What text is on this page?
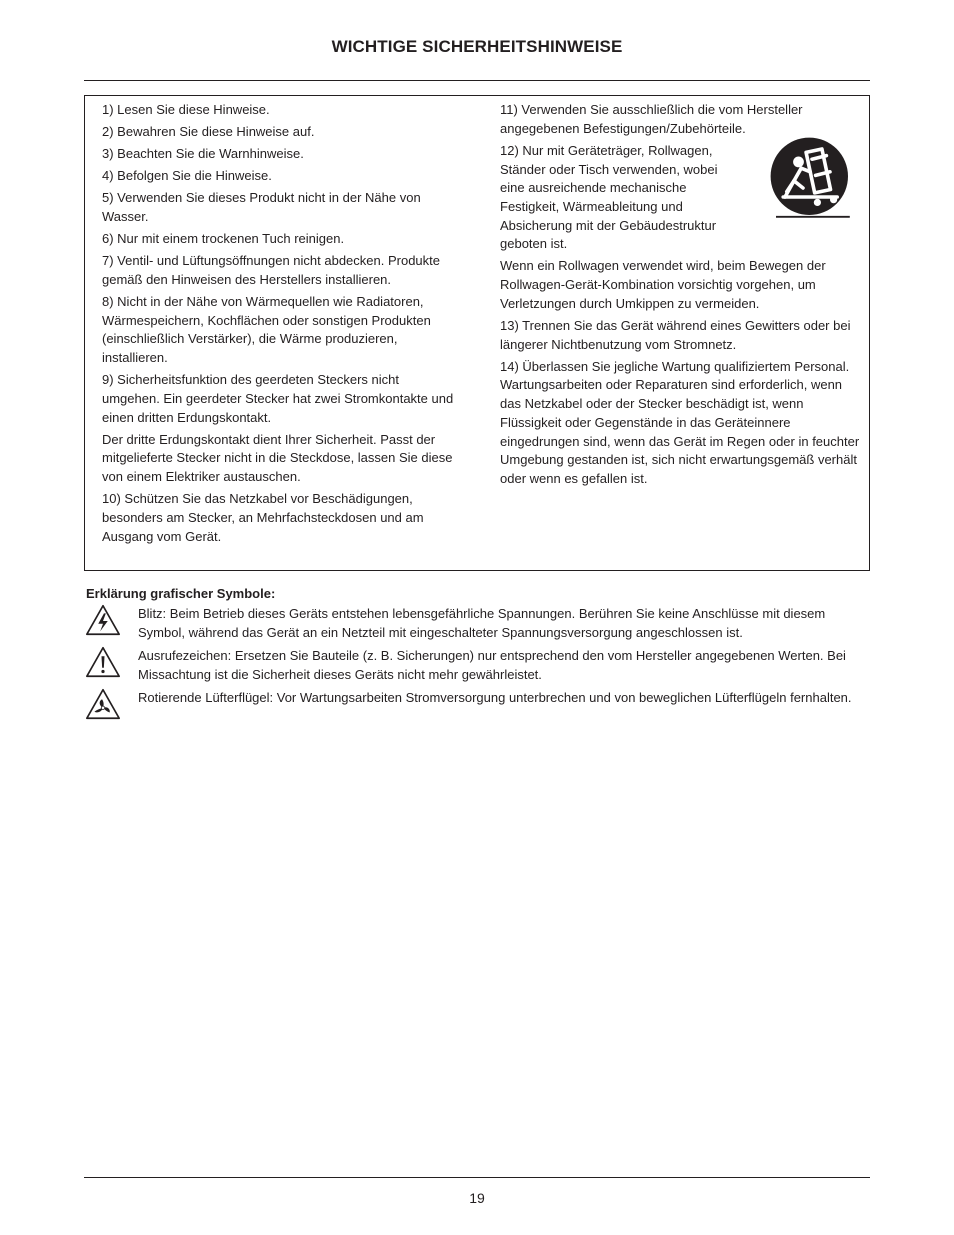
WICHTIGE SICHERHEITSHINWEISE

1) Lesen Sie diese Hinweise.

2) Bewahren Sie diese Hinweise auf.

3) Beachten Sie die Warnhinweise.

4) Befolgen Sie die Hinweise.

5) Verwenden Sie dieses Produkt nicht in der Nähe von Wasser.

6) Nur mit einem trockenen Tuch reinigen.

7) Ventil- und Lüftungsöffnungen nicht abdecken. Produkte gemäß den Hinweisen des Herstellers installieren.

8) Nicht in der Nähe von Wärmequellen wie Radiatoren, Wärmespeichern, Kochflächen oder sonstigen Produkten (einschließlich Verstärker), die Wärme produzieren, installieren.

9) Sicherheitsfunktion des geerdeten Steckers nicht umgehen. Ein geerdeter Stecker hat zwei Stromkontakte und einen dritten Erdungskontakt.

Der dritte Erdungskontakt dient Ihrer Sicherheit. Passt der mitgelieferte Stecker nicht in die Steckdose, lassen Sie diese von einem Elektriker austauschen.

10) Schützen Sie das Netzkabel vor Beschädigungen, besonders am Stecker, an Mehrfachsteckdosen und am Ausgang vom Gerät.

11) Verwenden Sie ausschließlich die vom Hersteller angegebenen Befestigungen/Zubehörteile.

12) Nur mit Geräteträger, Rollwagen, Ständer oder Tisch verwenden, wobei eine ausreichende mechanische Festigkeit, Wärmeableitung und Absicherung mit der Gebäudestruktur geboten ist.

Wenn ein Rollwagen verwendet wird, beim Bewegen der Rollwagen-Gerät-Kombination vorsichtig vorgehen, um Verletzungen durch Umkippen zu vermeiden.

13) Trennen Sie das Gerät während eines Gewitters oder bei längerer Nichtbenutzung vom Stromnetz.

14) Überlassen Sie jegliche Wartung qualifiziertem Personal. Wartungsarbeiten oder Reparaturen sind erforderlich, wenn das Netzkabel oder der Stecker beschädigt ist, wenn Flüssigkeit oder Gegenstände in das Geräteinnere eingedrungen sind, wenn das Gerät im Regen oder in feuchter Umgebung gestanden ist, sich nicht erwartungsgemäß verhält oder wenn es gefallen ist.

Erklärung grafischer Symbole:
Blitz: Beim Betrieb dieses Geräts entstehen lebensgefährliche Spannungen. Berühren Sie keine Anschlüsse mit diesem Symbol, während das Gerät an ein Netzteil mit eingeschalteter Spannungsversorgung angeschlossen ist.
Ausrufezeichen: Ersetzen Sie Bauteile (z. B. Sicherungen) nur entsprechend den vom Hersteller angegebenen Werten. Bei Missachtung ist die Sicherheit dieses Geräts nicht mehr gewährleistet.
Rotierende Lüfterflügel: Vor Wartungsarbeiten Stromversorgung unterbrechen und von beweglichen Lüfterflügeln fernhalten.
19
